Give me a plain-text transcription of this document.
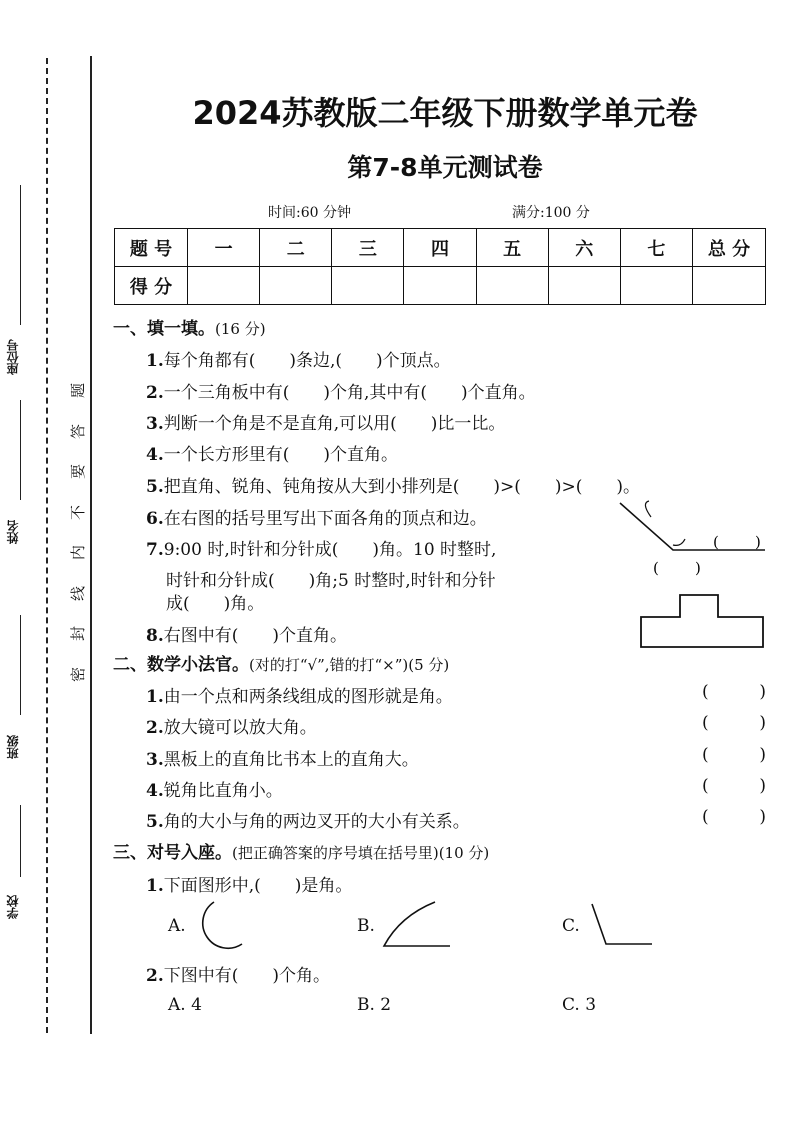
座位号
姓名
班级
学校
题
答
要
不
内
线
封
密
2024苏教版二年级下册数学单元卷
第7-8单元测试卷
时间:60 分钟	满分:100 分
题 号	一	二	三	四	五	六	七	总 分
得 分								
一、填一填。(16 分)
1.每个角都有(　　)条边,(　　)个顶点。
2.一个三角板中有(　　)个角,其中有(　　)个直角。
3.判断一个角是不是直角,可以用(　　)比一比。
4.一个长方形里有(　　)个直角。
5.把直角、锐角、钝角按从大到小排列是(　　)>(　　)>(　　)。
6.在右图的括号里写出下面各角的顶点和边。
7.9:00 时,时针和分针成(　　)角。10 时整时,
时针和分针成(　　)角;5 时整时,时针和分针
成(　　)角。
8.右图中有(　　)个直角。
( )
( )
二、数学小法官。(对的打“√”,错的打“×”)(5 分)
1.由一个点和两条线组成的图形就是角。	(	)
2.放大镜可以放大角。	(	)
3.黑板上的直角比书本上的直角大。	(	)
4.锐角比直角小。	(	)
5.角的大小与角的两边叉开的大小有关系。	(	)
三、对号入座。(把正确答案的序号填在括号里)(10 分)
1.下面图形中,(　　)是角。
A.	B.	C.
2.下图中有(　　)个角。
A. 4	B. 2	C. 3
